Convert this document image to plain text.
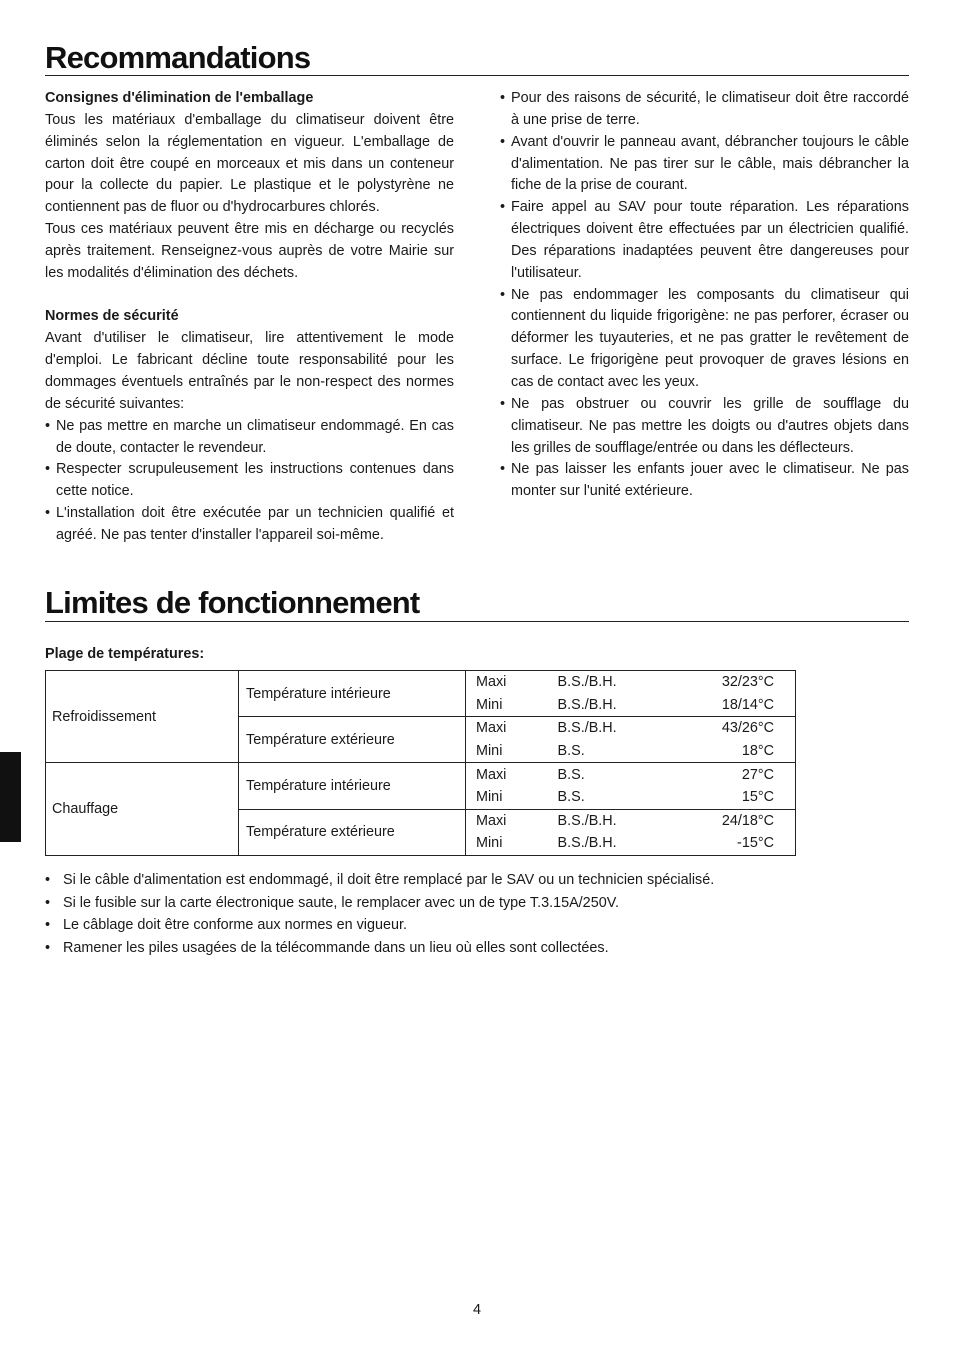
Recommandations

Consignes d'élimination de l'emballage

Tous les matériaux d'emballage du climatiseur doivent être éliminés selon la réglementation en vigueur. L'emballage de carton doit être coupé en morceaux et mis dans un conteneur pour la collecte du papier. Le plastique et le polystyrène ne contiennent pas de fluor ou d'hydrocarbures chlorés.

Tous ces matériaux peuvent être mis en décharge ou recyclés après traitement. Renseignez-vous auprès de votre Mairie sur les modalités d'élimination des déchets.

Normes de sécurité

Avant d'utiliser le climatiseur, lire attentivement le mode d'emploi. Le fabricant décline toute responsabilité pour les dommages éventuels entraînés par le non-respect des normes de sécurité suivantes:

• Ne pas mettre en marche un climatiseur endommagé. En cas de doute, contacter le revendeur.
• Respecter scrupuleusement les instructions contenues dans cette notice.
• L'installation doit être exécutée par un technicien qualifié et agréé. Ne pas tenter d'installer l'appareil soi-même.
• Pour des raisons de sécurité, le climatiseur doit être raccordé à une prise de terre.
• Avant d'ouvrir le panneau avant, débrancher toujours le câble d'alimentation. Ne pas tirer sur le câble, mais débrancher la fiche de la prise de courant.
• Faire appel au SAV pour toute réparation. Les réparations électriques doivent être effectuées par un électricien qualifié. Des réparations inadaptées peuvent être dangereuses pour l'utilisateur.
• Ne pas endommager les composants du climatiseur qui contiennent du liquide frigorigène: ne pas perforer, écraser ou déformer les tuyauteries, et ne pas gratter le revêtement de surface. Le frigorigène peut provoquer de graves lésions en cas de contact avec les yeux.
• Ne pas obstruer ou couvrir les grille de soufflage du climatiseur. Ne pas mettre les doigts ou d'autres objets dans les grilles de soufflage/entrée ou dans les déflecteurs.
• Ne pas laisser les enfants jouer avec le climatiseur. Ne pas monter sur l'unité extérieure.
Limites de fonctionnement

Plage de températures:

Refroidissement	Température intérieure	Maxi	B.S./B.H.	32/23°C
		Mini	B.S./B.H.	18/14°C
	Température extérieure	Maxi	B.S./B.H.	43/26°C
		Mini	B.S.	18°C
Chauffage	Température intérieure	Maxi	B.S.	27°C
		Mini	B.S.	15°C
	Température extérieure	Maxi	B.S./B.H.	24/18°C
		Mini	B.S./B.H.	-15°C
• Si le câble d'alimentation est endommagé, il doit être remplacé par le SAV ou un technicien spécialisé.
• Si le fusible sur la carte électronique saute, le remplacer avec un de type T.3.15A/250V.
• Le câblage doit être conforme aux normes en vigueur.
• Ramener les piles usagées de la télécommande dans un lieu où elles sont collectées.
4
